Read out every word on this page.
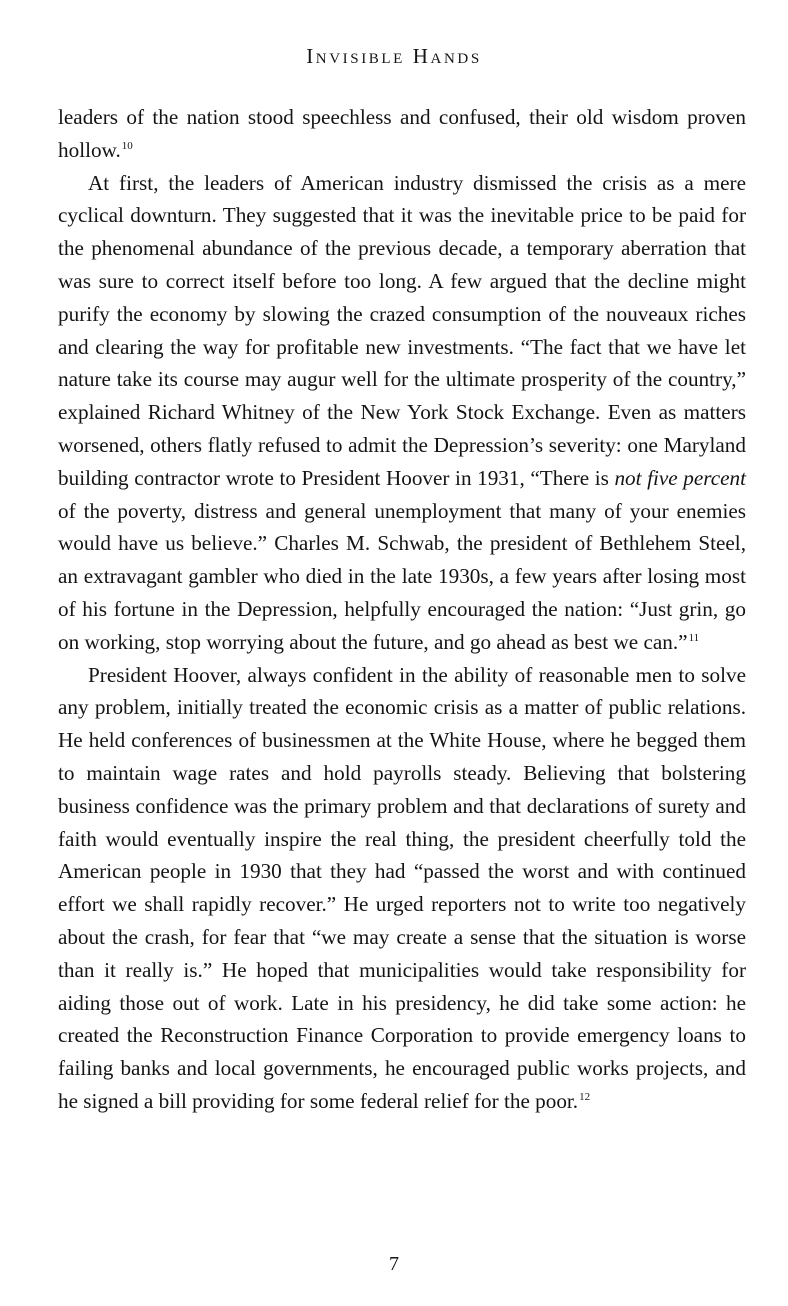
Invisible Hands

leaders of the nation stood speechless and confused, their old wisdom proven hollow.$^{10}$

At first, the leaders of American industry dismissed the crisis as a mere cyclical downturn. They suggested that it was the inevitable price to be paid for the phenomenal abundance of the previous decade, a temporary aberration that was sure to correct itself before too long. A few argued that the decline might purify the economy by slowing the crazed consumption of the nouveaux riches and clearing the way for profitable new investments. “The fact that we have let nature take its course may augur well for the ultimate prosperity of the country,” explained Richard Whitney of the New York Stock Exchange. Even as matters worsened, others flatly refused to admit the Depression’s severity: one Maryland building contractor wrote to President Hoover in 1931, “There is not five percent of the poverty, distress and general unemployment that many of your enemies would have us believe.” Charles M. Schwab, the president of Bethlehem Steel, an extravagant gambler who died in the late 1930s, a few years after losing most of his fortune in the Depression, helpfully encouraged the nation: “Just grin, go on working, stop worrying about the future, and go ahead as best we can.”$^{11}$

President Hoover, always confident in the ability of reasonable men to solve any problem, initially treated the economic crisis as a matter of public relations. He held conferences of businessmen at the White House, where he begged them to maintain wage rates and hold payrolls steady. Believing that bolstering business confidence was the primary problem and that declarations of surety and faith would eventually inspire the real thing, the president cheerfully told the American people in 1930 that they had “passed the worst and with continued effort we shall rapidly recover.” He urged reporters not to write too negatively about the crash, for fear that “we may create a sense that the situation is worse than it really is.” He hoped that municipalities would take responsibility for aiding those out of work. Late in his presidency, he did take some action: he created the Reconstruction Finance Corporation to provide emergency loans to failing banks and local governments, he encouraged public works projects, and he signed a bill providing for some federal relief for the poor.$^{12}$

7
